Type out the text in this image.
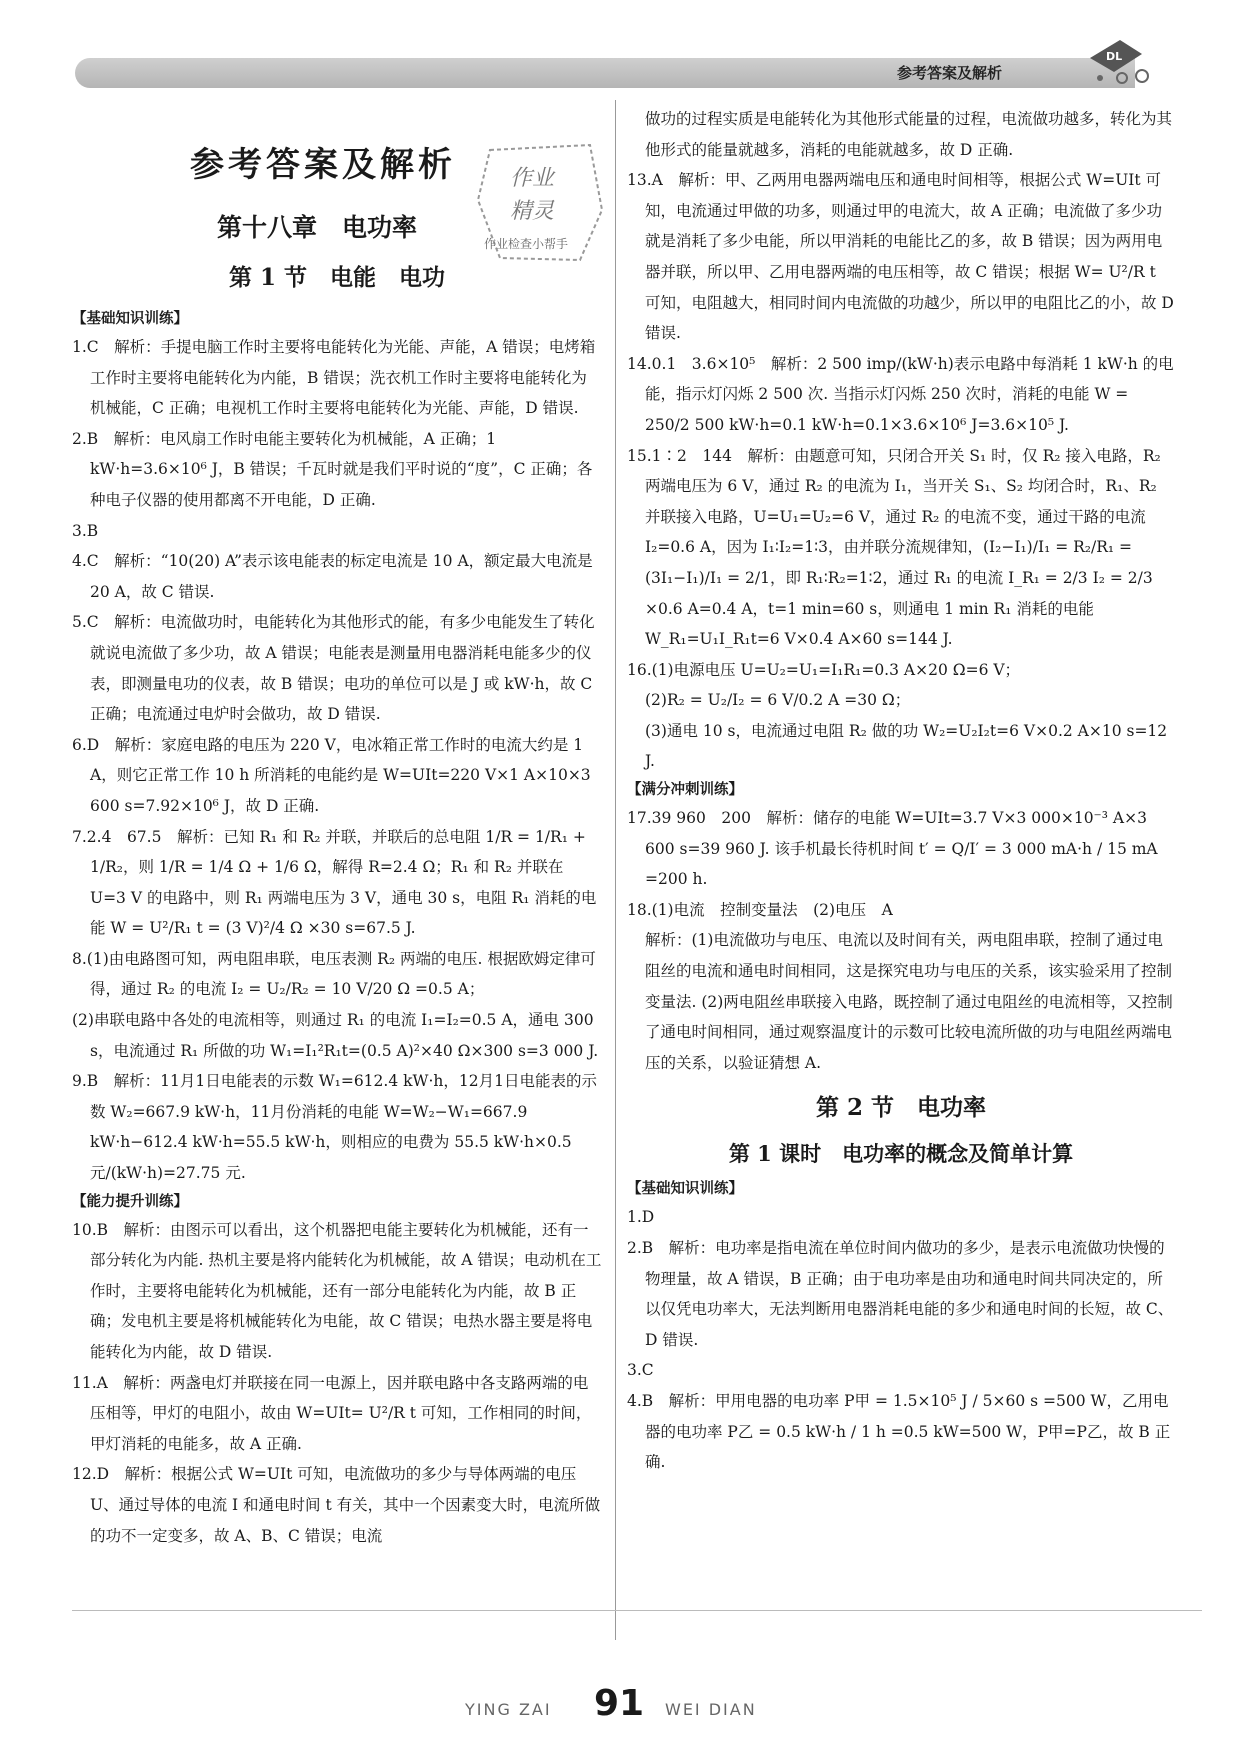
参考答案及解析
DL
作业
精灵
作业检查小帮手
参考答案及解析
第十八章　电功率
第 1 节　电能　电功
【基础知识训练】

1.C　解析：手提电脑工作时主要将电能转化为光能、声能，A 错误；电烤箱工作时主要将电能转化为内能，B 错误；洗衣机工作时主要将电能转化为机械能，C 正确；电视机工作时主要将电能转化为光能、声能，D 错误.

2.B　解析：电风扇工作时电能主要转化为机械能，A 正确；1 kW·h=3.6×10⁶ J，B 错误；千瓦时就是我们平时说的“度”，C 正确；各种电子仪器的使用都离不开电能，D 正确.

3.B

4.C　解析：“10(20) A”表示该电能表的标定电流是 10 A，额定最大电流是 20 A，故 C 错误.

5.C　解析：电流做功时，电能转化为其他形式的能，有多少电能发生了转化就说电流做了多少功，故 A 错误；电能表是测量用电器消耗电能多少的仪表，即测量电功的仪表，故 B 错误；电功的单位可以是 J 或 kW·h，故 C 正确；电流通过电炉时会做功，故 D 错误.

6.D　解析：家庭电路的电压为 220 V，电冰箱正常工作时的电流大约是 1 A，则它正常工作 10 h 所消耗的电能约是 W=UIt=220 V×1 A×10×3 600 s=7.92×10⁶ J，故 D 正确.

7.2.4　67.5　解析：已知 R₁ 和 R₂ 并联，并联后的总电阻 1/R = 1/R₁ + 1/R₂，则 1/R = 1/4 Ω + 1/6 Ω，解得 R=2.4 Ω；R₁ 和 R₂ 并联在 U=3 V 的电路中，则 R₁ 两端电压为 3 V，通电 30 s，电阻 R₁ 消耗的电能 W = U²/R₁ t = (3 V)²/4 Ω ×30 s=67.5 J.

8.(1)由电路图可知，两电阻串联，电压表测 R₂ 两端的电压. 根据欧姆定律可得，通过 R₂ 的电流 I₂ = U₂/R₂ = 10 V/20 Ω =0.5 A；

(2)串联电路中各处的电流相等，则通过 R₁ 的电流 I₁=I₂=0.5 A，通电 300 s，电流通过 R₁ 所做的功 W₁=I₁²R₁t=(0.5 A)²×40 Ω×300 s=3 000 J.

9.B　解析：11月1日电能表的示数 W₁=612.4 kW·h，12月1日电能表的示数 W₂=667.9 kW·h，11月份消耗的电能 W=W₂−W₁=667.9 kW·h−612.4 kW·h=55.5 kW·h，则相应的电费为 55.5 kW·h×0.5 元/(kW·h)=27.75 元.

【能力提升训练】

10.B　解析：由图示可以看出，这个机器把电能主要转化为机械能，还有一部分转化为内能. 热机主要是将内能转化为机械能，故 A 错误；电动机在工作时，主要将电能转化为机械能，还有一部分电能转化为内能，故 B 正确；发电机主要是将机械能转化为电能，故 C 错误；电热水器主要是将电能转化为内能，故 D 错误.

11.A　解析：两盏电灯并联接在同一电源上，因并联电路中各支路两端的电压相等，甲灯的电阻小，故由 W=UIt= U²/R t 可知，工作相同的时间，甲灯消耗的电能多，故 A 正确.

12.D　解析：根据公式 W=UIt 可知，电流做功的多少与导体两端的电压 U、通过导体的电流 I 和通电时间 t 有关，其中一个因素变大时，电流所做的功不一定变多，故 A、B、C 错误；电流

做功的过程实质是电能转化为其他形式能量的过程，电流做功越多，转化为其他形式的能量就越多，消耗的电能就越多，故 D 正确.

13.A　解析：甲、乙两用电器两端电压和通电时间相等，根据公式 W=UIt 可知，电流通过甲做的功多，则通过甲的电流大，故 A 正确；电流做了多少功就是消耗了多少电能，所以甲消耗的电能比乙的多，故 B 错误；因为两用电器并联，所以甲、乙用电器两端的电压相等，故 C 错误；根据 W= U²/R t 可知，电阻越大，相同时间内电流做的功越少，所以甲的电阻比乙的小，故 D 错误.

14.0.1　3.6×10⁵　解析：2 500 imp/(kW·h)表示电路中每消耗 1 kW·h 的电能，指示灯闪烁 2 500 次. 当指示灯闪烁 250 次时，消耗的电能 W = 250/2 500 kW·h=0.1 kW·h=0.1×3.6×10⁶ J=3.6×10⁵ J.

15.1∶2　144　解析：由题意可知，只闭合开关 S₁ 时，仅 R₂ 接入电路，R₂ 两端电压为 6 V，通过 R₂ 的电流为 I₁，当开关 S₁、S₂ 均闭合时，R₁、R₂ 并联接入电路，U=U₁=U₂=6 V，通过 R₂ 的电流不变，通过干路的电流 I₂=0.6 A，因为 I₁∶I₂=1∶3，由并联分流规律知，(I₂−I₁)/I₁ = R₂/R₁ = (3I₁−I₁)/I₁ = 2/1，即 R₁∶R₂=1∶2，通过 R₁ 的电流 I_R₁ = 2/3 I₂ = 2/3 ×0.6 A=0.4 A，t=1 min=60 s，则通电 1 min R₁ 消耗的电能 W_R₁=U₁I_R₁t=6 V×0.4 A×60 s=144 J.

16.(1)电源电压 U=U₂=U₁=I₁R₁=0.3 A×20 Ω=6 V；

(2)R₂ = U₂/I₂ = 6 V/0.2 A =30 Ω；

(3)通电 10 s，电流通过电阻 R₂ 做的功 W₂=U₂I₂t=6 V×0.2 A×10 s=12 J.

【满分冲刺训练】

17.39 960　200　解析：储存的电能 W=UIt=3.7 V×3 000×10⁻³ A×3 600 s=39 960 J. 该手机最长待机时间 t′ = Q/I′ = 3 000 mA·h / 15 mA =200 h.

18.(1)电流　控制变量法　(2)电压　A

解析：(1)电流做功与电压、电流以及时间有关，两电阻串联，控制了通过电阻丝的电流和通电时间相同，这是探究电功与电压的关系，该实验采用了控制变量法. (2)两电阻丝串联接入电路，既控制了通过电阻丝的电流相等，又控制了通电时间相同，通过观察温度计的示数可比较电流所做的功与电阻丝两端电压的关系，以验证猜想 A.

第 2 节　电功率
第 1 课时　电功率的概念及简单计算
【基础知识训练】

1.D

2.B　解析：电功率是指电流在单位时间内做功的多少，是表示电流做功快慢的物理量，故 A 错误，B 正确；由于电功率是由功和通电时间共同决定的，所以仅凭电功率大，无法判断用电器消耗电能的多少和通电时间的长短，故 C、D 错误.

3.C

4.B　解析：甲用电器的电功率 P甲 = 1.5×10⁵ J / 5×60 s =500 W，乙用电器的电功率 P乙 = 0.5 kW·h / 1 h =0.5 kW=500 W，P甲=P乙，故 B 正确.

YING ZAI 91 WEI DIAN
